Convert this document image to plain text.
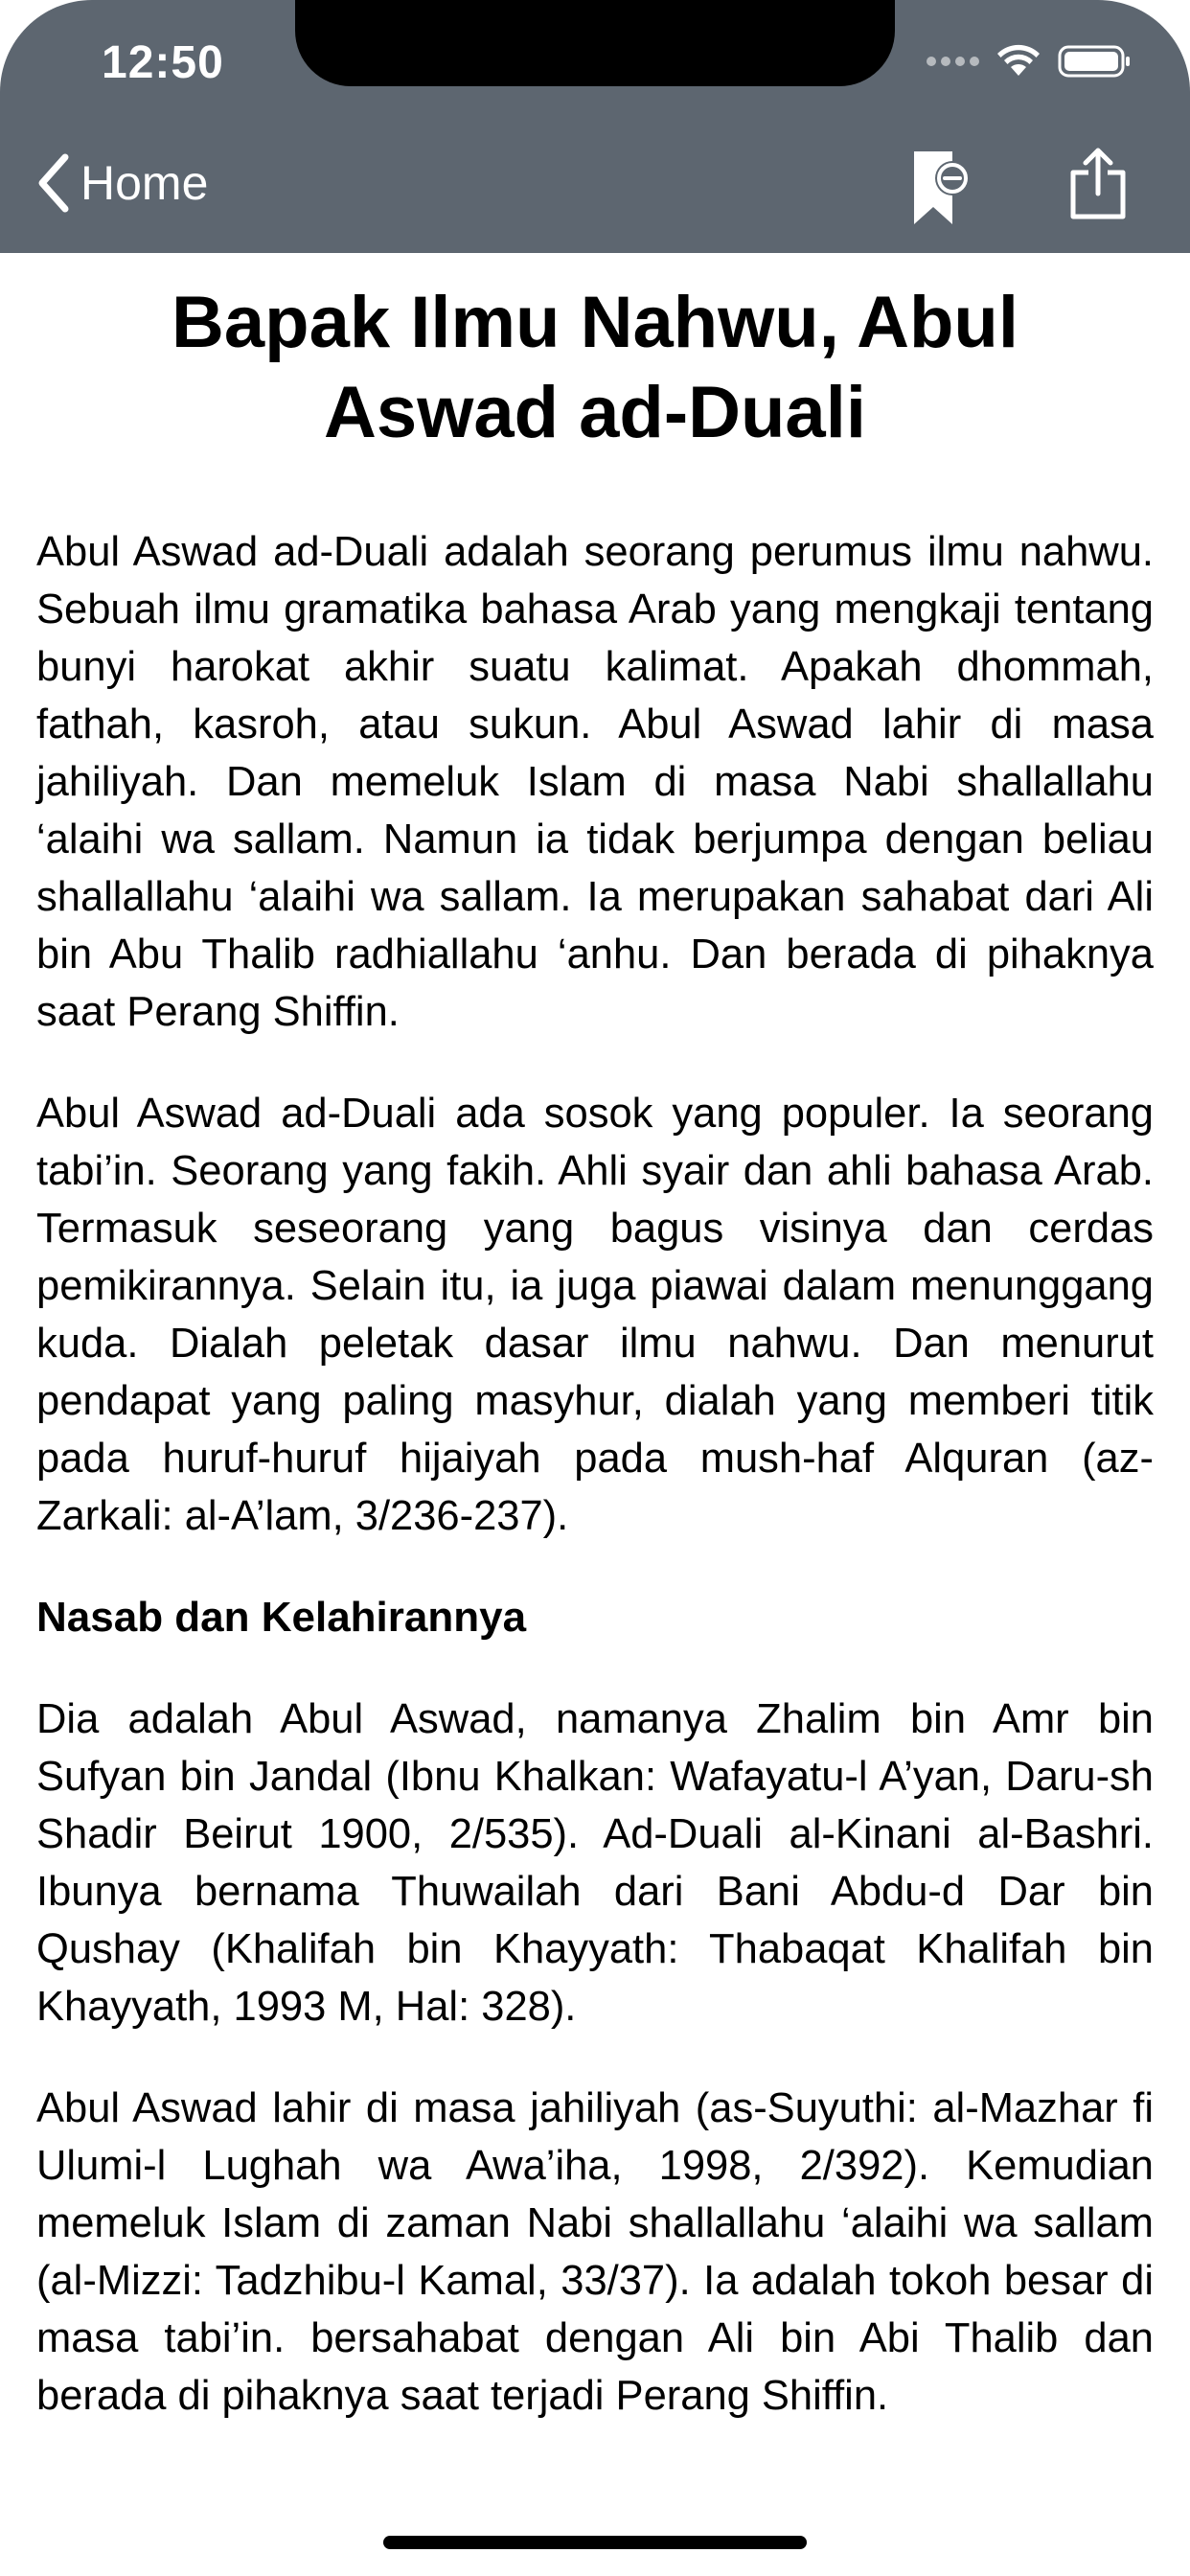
12:50
Home
Bapak Ilmu Nahwu, Abul Aswad ad-Duali

Abul Aswad ad-Duali adalah seorang perumus ilmu nahwu. Sebuah ilmu gramatika bahasa Arab yang mengkaji tentang bunyi harokat akhir suatu kalimat. Apakah dhommah, fathah, kasroh, atau sukun. Abul Aswad lahir di masa jahiliyah. Dan memeluk Islam di masa Nabi shallallahu ‘alaihi wa sallam. Namun ia tidak berjumpa dengan beliau shallallahu ‘alaihi wa sallam. Ia merupakan sahabat dari Ali bin Abu Thalib radhiallahu ‘anhu. Dan berada di pihaknya saat Perang Shiffin.

Abul Aswad ad-Duali ada sosok yang populer. Ia seorang tabi’in. Seorang yang fakih. Ahli syair dan ahli bahasa Arab. Termasuk seseorang yang bagus visinya dan cerdas pemikirannya. Selain itu, ia juga piawai dalam menunggang kuda. Dialah peletak dasar ilmu nahwu. Dan menurut pendapat yang paling masyhur, dialah yang memberi titik pada huruf-huruf hijaiyah pada mush-haf Alquran (az-Zarkali: al-A’lam, 3/236-237).

Nasab dan Kelahirannya

Dia adalah Abul Aswad, namanya Zhalim bin Amr bin Sufyan bin Jandal (Ibnu Khalkan: Wafayatu-l A’yan, Daru-sh Shadir Beirut 1900, 2/535). Ad-Duali al-Kinani al-Bashri. Ibunya bernama Thuwailah dari Bani Abdu-d Dar bin Qushay (Khalifah bin Khayyath: Thabaqat Khalifah bin Khayyath, 1993 M, Hal: 328).

Abul Aswad lahir di masa jahiliyah (as-Suyuthi: al-Mazhar fi Ulumi-l Lughah wa Awa’iha, 1998, 2/392). Kemudian memeluk Islam di zaman Nabi shallallahu ‘alaihi wa sallam (al-Mizzi: Tadzhibu-l Kamal, 33/37). Ia adalah tokoh besar di masa tabi’in. bersahabat dengan Ali bin Abi Thalib dan berada di pihaknya saat terjadi Perang Shiffin.
